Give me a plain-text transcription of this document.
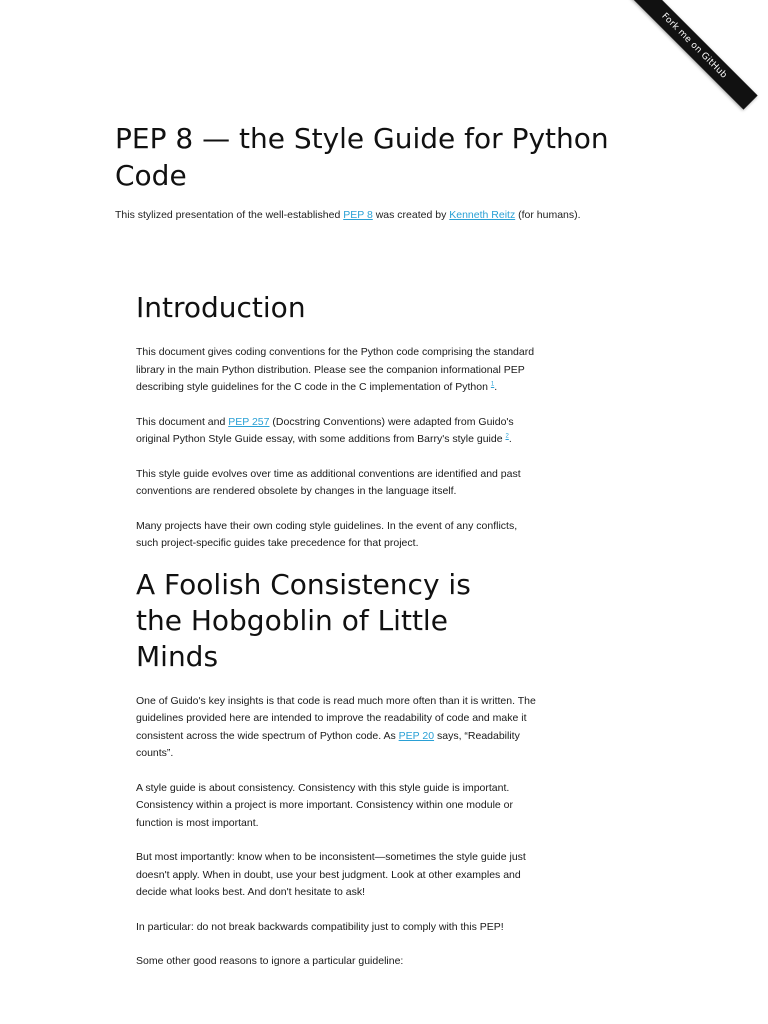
Fork me on GitHub
PEP 8 — the Style Guide for Python Code

This stylized presentation of the well-established PEP 8 was created by Kenneth Reitz (for humans).

Introduction

This document gives coding conventions for the Python code comprising the standard library in the main Python distribution. Please see the companion informational PEP describing style guidelines for the C code in the C implementation of Python $^1$.

This document and PEP 257 (Docstring Conventions) were adapted from Guido's original Python Style Guide essay, with some additions from Barry's style guide $^2$.

This style guide evolves over time as additional conventions are identified and past conventions are rendered obsolete by changes in the language itself.

Many projects have their own coding style guidelines. In the event of any conflicts, such project-specific guides take precedence for that project.

A Foolish Consistency is the Hobgoblin of Little Minds

One of Guido's key insights is that code is read much more often than it is written. The guidelines provided here are intended to improve the readability of code and make it consistent across the wide spectrum of Python code. As PEP 20 says, “Readability counts”.

A style guide is about consistency. Consistency with this style guide is important. Consistency within a project is more important. Consistency within one module or function is most important.

But most importantly: know when to be inconsistent—sometimes the style guide just doesn't apply. When in doubt, use your best judgment. Look at other examples and decide what looks best. And don't hesitate to ask!

In particular: do not break backwards compatibility just to comply with this PEP!

Some other good reasons to ignore a particular guideline:
